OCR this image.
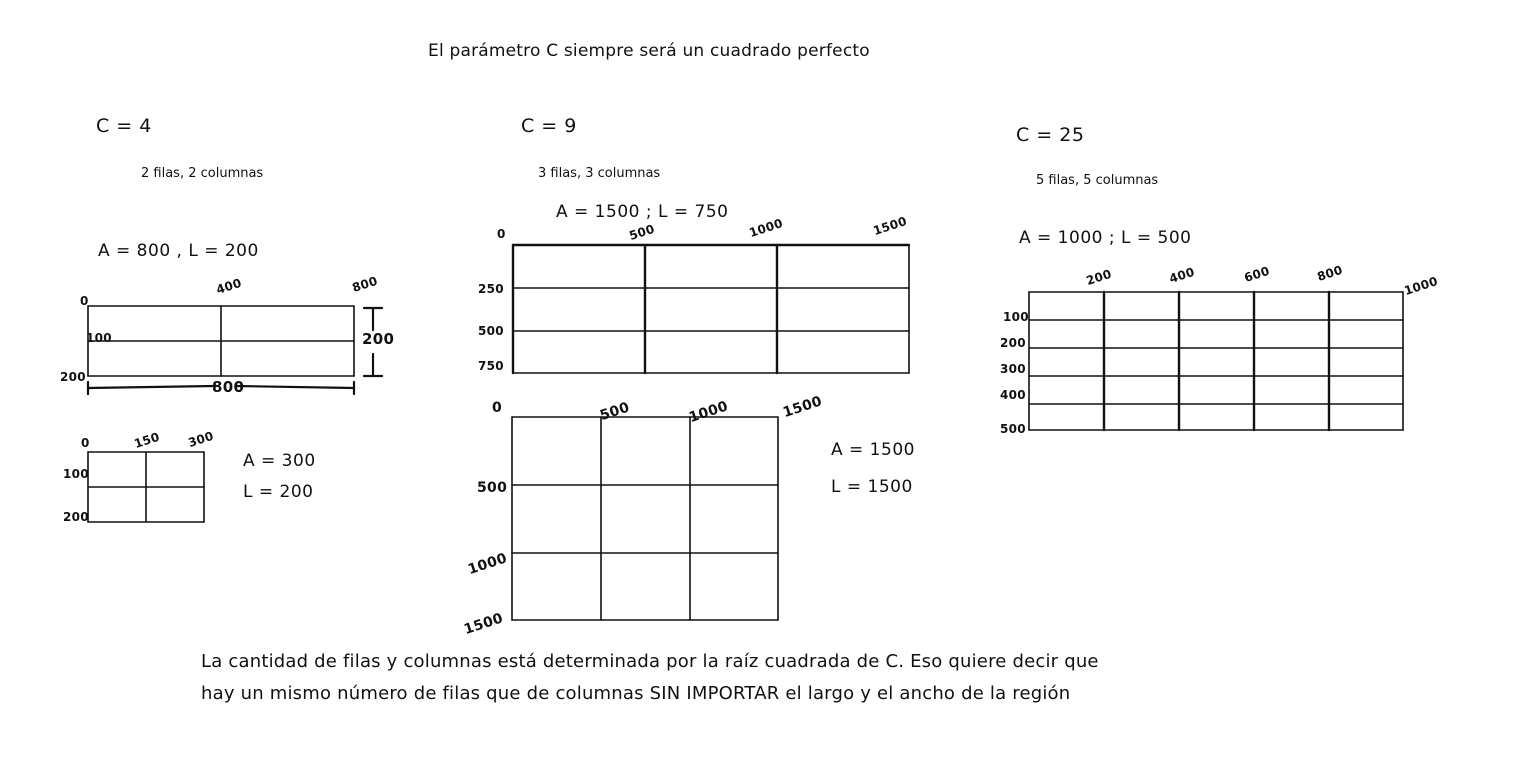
El parámetro C siempre será un cuadrado perfecto
C = 4
2 filas, 2 columnas
A = 800 , L = 200
0
400	800
100
200
800
200
0	150 300
100
200
A = 300
L = 200
C = 9
3 filas, 3 columnas
A = 1500 ; L = 750
0	500	1000	1500
250
500
750
0	500	1000	1500
500
1000
1500
A = 1500
L = 1500
C = 25
5 filas, 5 columnas
A = 1000 ; L = 500
200	400	600	800
1000
100
200
300
400
500
La cantidad de filas y columnas está determinada por la raíz cuadrada de C. Eso quiere decir que
hay un mismo número de filas que de columnas SIN IMPORTAR el largo y el ancho de la región
